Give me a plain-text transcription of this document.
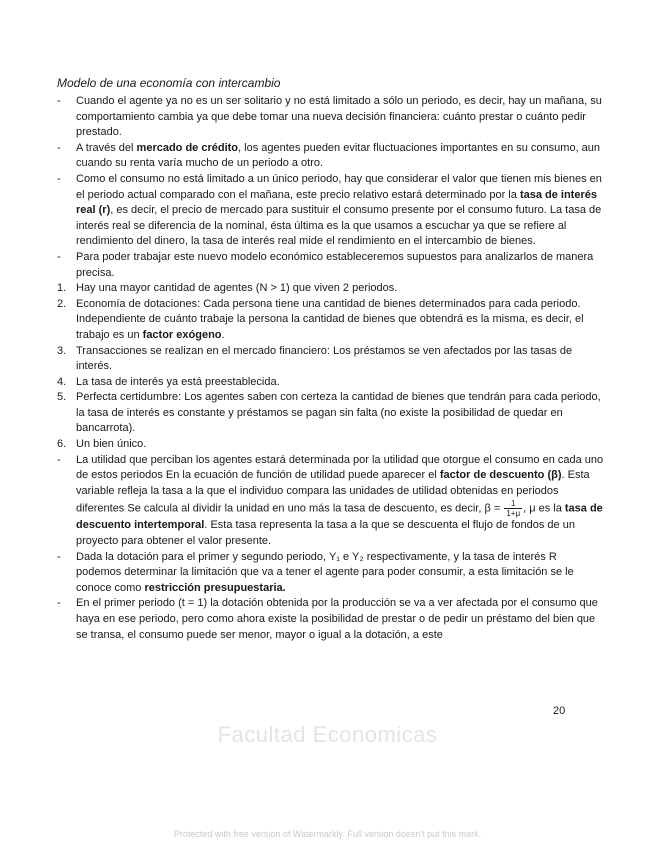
Modelo de una economía con intercambio
-	Cuando el agente ya no es un ser solitario y no está limitado a sólo un periodo, es decir, hay un mañana, su comportamiento cambia ya que debe tomar una nueva decisión financiera: cuánto prestar o cuánto pedir prestado.

-	A través del mercado de crédito, los agentes pueden evitar fluctuaciones importantes en su consumo, aun cuando su renta varía mucho de un periodo a otro.

-	Como el consumo no está limitado a un único periodo, hay que considerar el valor que tienen mis bienes en el periodo actual comparado con el mañana, este precio relativo estará determinado por la tasa de interés real (r), es decir, el precio de mercado para sustituir el consumo presente por el consumo futuro. La tasa de interés real se diferencia de la nominal, ésta última es la que usamos a escuchar ya que se refiere al rendimiento del dinero, la tasa de interés real mide el rendimiento en el intercambio de bienes.

-	Para poder trabajar este nuevo modelo económico estableceremos supuestos para analizarlos de manera precisa.

1. Hay una mayor cantidad de agentes (N > 1) que viven 2 periodos.

2. Economía de dotaciones: Cada persona tiene una cantidad de bienes determinados para cada periodo. Independiente de cuánto trabaje la persona la cantidad de bienes que obtendrá es la misma, es decir, el trabajo es un factor exógeno.

3. Transacciones se realizan en el mercado financiero: Los préstamos se ven afectados por las tasas de interés.

4. La tasa de interés ya está preestablecida.

5. Perfecta certidumbre: Los agentes saben con certeza la cantidad de bienes que tendrán para cada periodo, la tasa de interés es constante y préstamos se pagan sin falta (no existe la posibilidad de quedar en bancarrota).

6. Un bien único.

-	La utilidad que perciban los agentes estará determinada por la utilidad que otorgue el consumo en cada uno de estos periodos En la ecuación de función de utilidad puede aparecer el factor de descuento (β). Esta variable refleja la tasa a la que el individuo compara las unidades de utilidad obtenidas en periodos diferentes Se calcula al dividir la unidad en uno más la tasa de descuento, es decir, $\beta = \frac{1}{1+\mu}$ , μ es la tasa de descuento intertemporal. Esta tasa representa la tasa a la que se descuenta el flujo de fondos de un proyecto para obtener el valor presente.

-	Dada la dotación para el primer y segundo periodo, Y₁ e Y₂ respectivamente, y la tasa de interés R podemos determinar la limitación que va a tener el agente para poder consumir, a esta limitación se le conoce como restricción presupuestaria.

-	En el primer periodo (t = 1) la dotación obtenida por la producción se va a ver afectada por el consumo que haya en ese periodo, pero como ahora existe la posibilidad de prestar o de pedir un préstamo del bien que se transa, el consumo puede ser menor, mayor o igual a la dotación, a este

20
Facultad Economicas
Protected with free version of Watermarkly. Full version doesn't put this mark.
